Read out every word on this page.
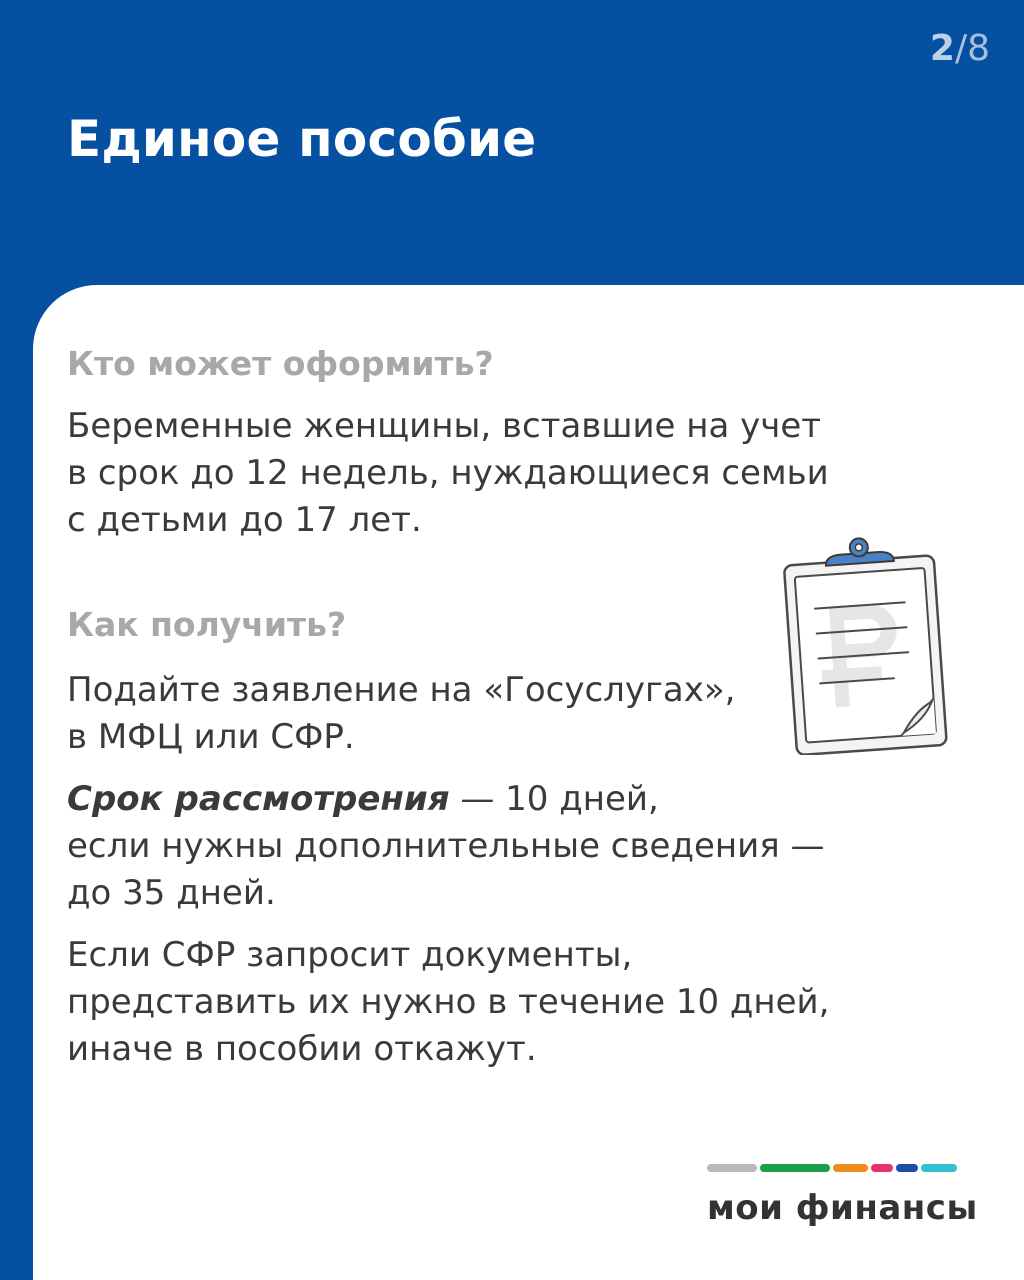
2/8
Единое пособие
Кто может оформить?

Беременные женщины, вставшие на учет
в срок до 12 недель, нуждающиеся семьи
с детьми до 17 лет.

Как получить?

Подайте заявление на «Госуслугах»,
в МФЦ или СФР.

Срок рассмотрения — 10 дней,
если нужны дополнительные сведения —
до 35 дней.

Если СФР запросит документы,
представить их нужно в течение 10 дней,
иначе в пособии откажут.

мои финансы
